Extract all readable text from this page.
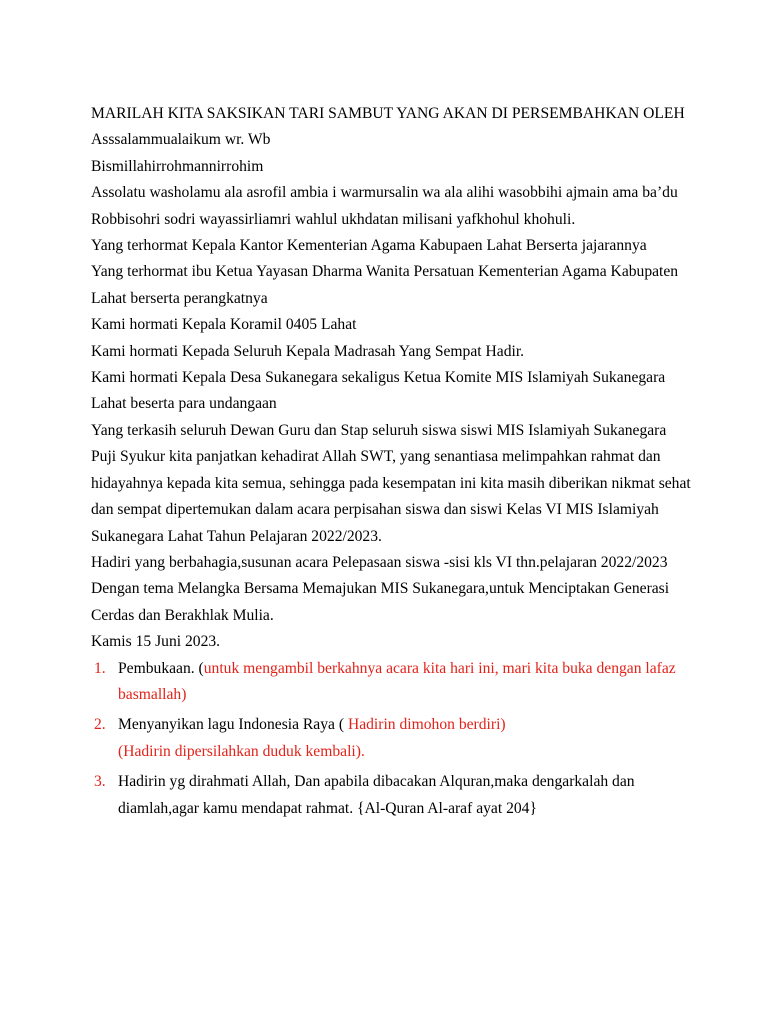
MARILAH KITA SAKSIKAN TARI SAMBUT YANG AKAN DI PERSEMBAHKAN OLEH

Asssalammualaikum wr. Wb

Bismillahirrohmannirrohim

Assolatu washolamu ala asrofil ambia i warmursalin wa ala alihi wasobbihi ajmain ama ba’du

Robbisohri sodri wayassirliamri wahlul ukhdatan milisani yafkhohul khohuli.

Yang terhormat Kepala Kantor Kementerian Agama Kabupaen Lahat Berserta jajarannya

Yang terhormat ibu Ketua Yayasan Dharma Wanita Persatuan Kementerian Agama Kabupaten Lahat berserta perangkatnya

Kami hormati Kepala Koramil 0405 Lahat

Kami hormati Kepada Seluruh Kepala Madrasah Yang Sempat Hadir.

Kami hormati Kepala Desa Sukanegara sekaligus Ketua Komite MIS Islamiyah Sukanegara Lahat beserta para undangaan

Yang terkasih seluruh Dewan Guru dan Stap seluruh siswa siswi MIS Islamiyah Sukanegara

Puji Syukur kita panjatkan kehadirat Allah SWT, yang senantiasa melimpahkan rahmat dan hidayahnya kepada kita semua, sehingga pada kesempatan ini kita masih diberikan nikmat sehat dan sempat dipertemukan dalam acara perpisahan siswa dan siswi Kelas VI MIS Islamiyah Sukanegara Lahat Tahun Pelajaran 2022/2023.

Hadiri yang berbahagia,susunan acara Pelepasaan siswa -sisi kls VI thn.pelajaran 2022/2023 Dengan tema Melangka Bersama Memajukan MIS Sukanegara,untuk Menciptakan Generasi Cerdas dan Berakhlak Mulia.

Kamis 15 Juni 2023.

1. Pembukaan. (untuk mengambil berkahnya acara kita hari ini, mari kita buka dengan lafaz basmallah)
2. Menyanyikan lagu Indonesia Raya ( Hadirin dimohon berdiri)
(Hadirin dipersilahkan duduk kembali).
3. Hadirin yg dirahmati Allah, Dan apabila dibacakan Alquran,maka dengarkalah dan diamlah,agar kamu mendapat rahmat. {Al-Quran Al-araf ayat 204}
